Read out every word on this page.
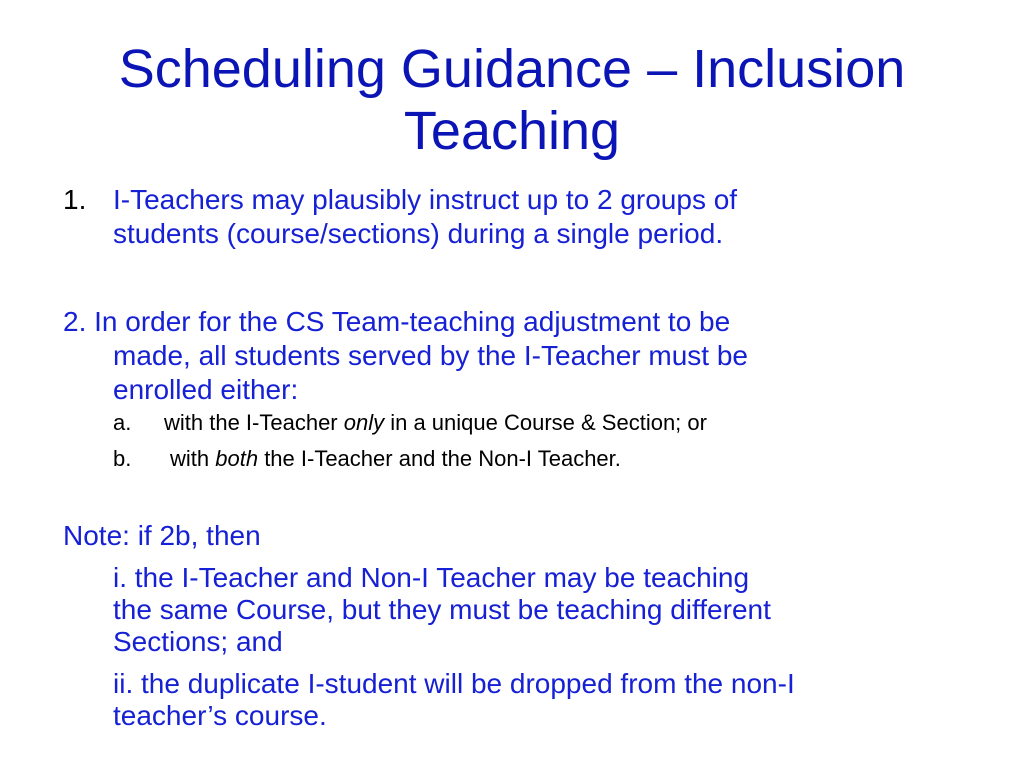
Scheduling Guidance – Inclusion
Teaching
1. I-Teachers may plausibly instruct up to 2 groups of
students (course/sections) during a single period.
2. In order for the CS Team-teaching adjustment to be
made, all students served by the I-Teacher must be
enrolled either:
a. with the I-Teacher only in a unique Course & Section; or
b. with both the I-Teacher and the Non-I Teacher.
Note: if 2b, then
i. the I-Teacher and Non-I Teacher may be teaching
the same Course, but they must be teaching different
Sections; and
ii. the duplicate I-student will be dropped from the non-I
teacher’s course.
